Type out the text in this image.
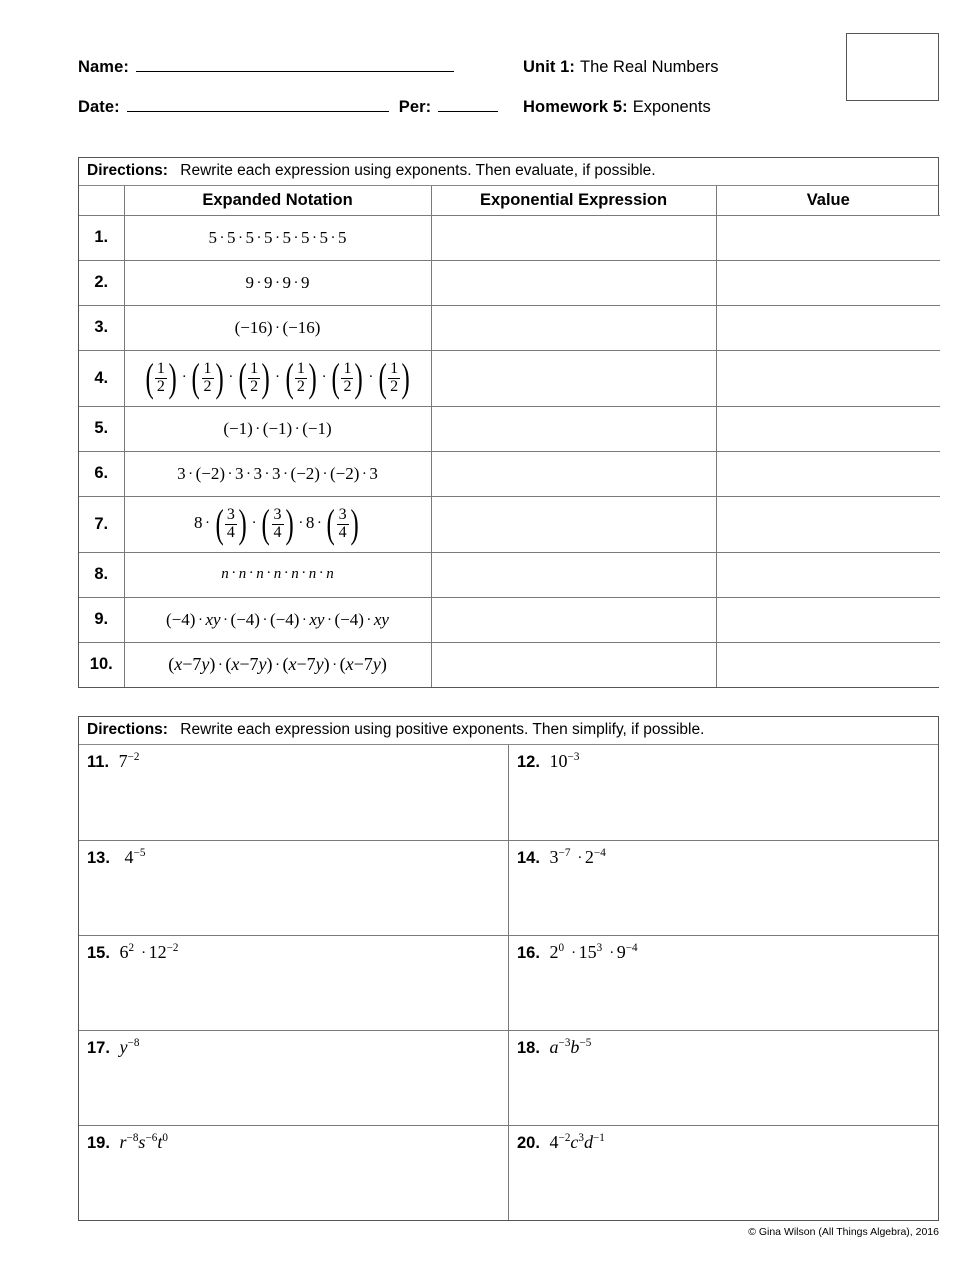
Name:	Unit 1: The Real Numbers
Date:	Per:	Homework 5: Exponents
Directions: Rewrite each expression using exponents. Then evaluate, if possible.
	Expanded Notation	Exponential Expression	Value
1.	5 · 5 · 5 · 5 · 5 · 5 · 5 · 5		
2.	9 · 9 · 9 · 9		
3.	(−16) · (−16)		
4.	( $\frac{1}{2}$ ) · ( $\frac{1}{2}$ ) · ( $\frac{1}{2}$ ) · ( $\frac{1}{2}$ ) · ( $\frac{1}{2}$ ) · ( $\frac{1}{2}$ )

5.	(−1) · (−1) · (−1)		
6.	3 · (−2) · 3 · 3 · 3 · (−2) · (−2) · 3		
7.	8 · ( $\frac{3}{4}$ ) · ( $\frac{3}{4}$ ) · 8 · ( $\frac{3}{4}$ )

8.	n · n · n · n · n · n · n		
9.	(−4) · xy · (−4) · (−4) · xy · (−4) · xy		
10.	(x−7y) · (x−7y) · (x−7y) · (x−7y)		
Directions: Rewrite each expression using positive exponents. Then simplify, if possible.
11. $7^{-2}$	12. $10^{-3}$
13. $4^{-5}$	14. $3^{-7} \cdot 2^{-4}$
15. $6^2 \cdot 12^{-2}$	16. $2^0 \cdot 15^3 \cdot 9^{-4}$
17. $y^{-8}$	18. $a^{-3}b^{-5}$
19. $r^{-8}s^{-6}t^0$	20. $4^{-2}c^3d^{-1}$
© Gina Wilson (All Things Algebra), 2016
